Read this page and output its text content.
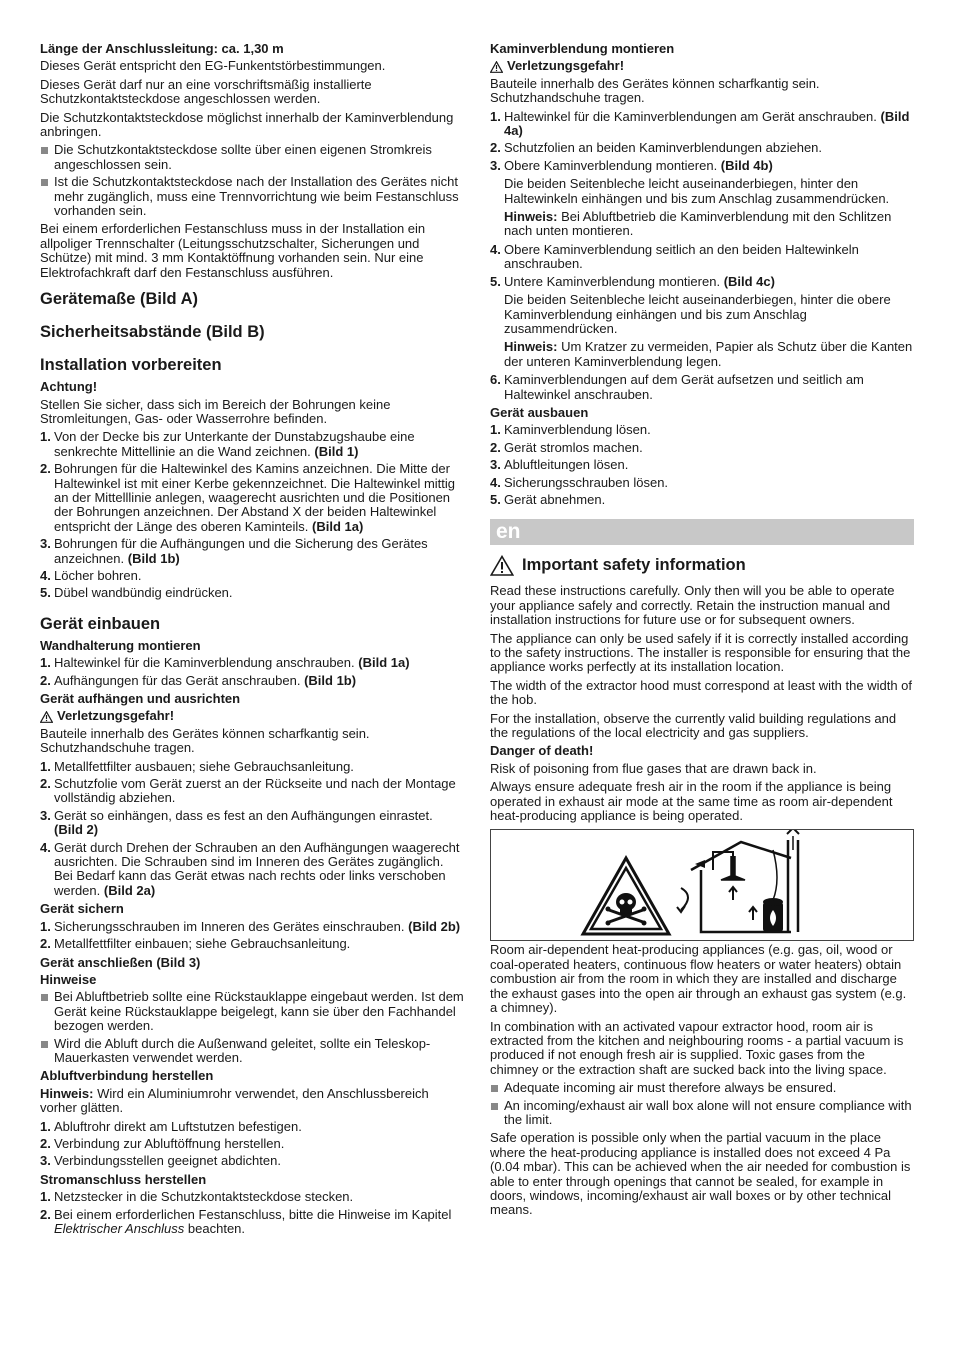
Länge der Anschlussleitung: ca. 1,30 m

Dieses Gerät entspricht den EG-Funkentstörbestimmungen.

Dieses Gerät darf nur an eine vorschriftsmäßig installierte Schutzkontaktsteckdose angeschlossen werden.

Die Schutzkontaktsteckdose möglichst innerhalb der Kaminverblendung anbringen.

Die Schutzkontaktsteckdose sollte über einen eigenen Stromkreis angeschlossen sein.
Ist die Schutzkontaktsteckdose nach der Installation des Gerätes nicht mehr zugänglich, muss eine Trennvorrichtung wie beim Festanschluss vorhanden sein.

Bei einem erforderlichen Festanschluss muss in der Installation ein allpoliger Trennschalter (Leitungsschutzschalter, Sicherungen und Schütze) mit mind. 3 mm Kontaktöffnung vorhanden sein. Nur eine Elektrofachkraft darf den Festanschluss ausführen.

Gerätemaße (Bild A)
Sicherheitsabstände (Bild B)
Installation vorbereiten

Achtung!

Stellen Sie sicher, dass sich im Bereich der Bohrungen keine Stromleitungen, Gas- oder Wasserrohre befinden.

1. Von der Decke bis zur Unterkante der Dunstabzugshaube eine senkrechte Mittellinie an die Wand zeichnen. (Bild 1)
2. Bohrungen für die Haltewinkel des Kamins anzeichnen. Die Mitte der Haltewinkel ist mit einer Kerbe gekennzeichnet. Die Haltewinkel mittig an der Mittelllinie anlegen, waagerecht ausrichten und die Positionen der Bohrungen anzeichnen. Der Abstand X der beiden Haltewinkel entspricht der Länge des oberen Kaminteils. (Bild 1a)
3. Bohrungen für die Aufhängungen und die Sicherung des Gerätes anzeichnen. (Bild 1b)
4. Löcher bohren.
5. Dübel wandbündig eindrücken.
Gerät einbauen

Wandhalterung montieren

1. Haltewinkel für die Kaminverblendung anschrauben. (Bild 1a)
2. Aufhängungen für das Gerät anschrauben. (Bild 1b)

Gerät aufhängen und ausrichten

Verletzungsgefahr!

Bauteile innerhalb des Gerätes können scharfkantig sein. Schutzhandschuhe tragen.

1. Metallfettfilter ausbauen; siehe Gebrauchsanleitung.
2. Schutzfolie vom Gerät zuerst an der Rückseite und nach der Montage vollständig abziehen.
3. Gerät so einhängen, dass es fest an den Aufhängungen einrastet. (Bild 2)
4. Gerät durch Drehen der Schrauben an den Aufhängungen waagerecht ausrichten. Die Schrauben sind im Inneren des Gerätes zugänglich. Bei Bedarf kann das Gerät etwas nach rechts oder links verschoben werden. (Bild 2a)

Gerät sichern

1. Sicherungsschrauben im Inneren des Gerätes einschrauben. (Bild 2b)
2. Metallfettfilter einbauen; siehe Gebrauchsanleitung.

Gerät anschließen (Bild 3)

Hinweise

Bei Abluftbetrieb sollte eine Rückstauklappe eingebaut werden. Ist dem Gerät keine Rückstauklappe beigelegt, kann sie über den Fachhandel bezogen werden.
Wird die Abluft durch die Außenwand geleitet, sollte ein Teleskop-Mauerkasten verwendet werden.

Abluftverbindung herstellen

Hinweis: Wird ein Aluminiumrohr verwendet, den Anschlussbereich vorher glätten.

1. Abluftrohr direkt am Luftstutzen befestigen.
2. Verbindung zur Abluftöffnung herstellen.
3. Verbindungsstellen geeignet abdichten.

Stromanschluss herstellen

1. Netzstecker in die Schutzkontaktsteckdose stecken.
2. Bei einem erforderlichen Festanschluss, bitte die Hinweise im Kapitel Elektrischer Anschluss beachten.

Kaminverblendung montieren

Verletzungsgefahr!

Bauteile innerhalb des Gerätes können scharfkantig sein. Schutzhandschuhe tragen.

1. Haltewinkel für die Kaminverblendungen am Gerät anschrauben. (Bild 4a)
2. Schutzfolien an beiden Kaminverblendungen abziehen.
3. Obere Kaminverblendung montieren. (Bild 4b)
Die beiden Seitenbleche leicht auseinanderbiegen, hinter den Haltewinkeln einhängen und bis zum Anschlag zusammendrücken.
Hinweis: Bei Abluftbetrieb die Kaminverblendung mit den Schlitzen nach unten montieren.
4. Obere Kaminverblendung seitlich an den beiden Haltewinkeln anschrauben.
5. Untere Kaminverblendung montieren. (Bild 4c)
Die beiden Seitenbleche leicht auseinanderbiegen, hinter die obere Kaminverblendung einhängen und bis zum Anschlag zusammendrücken.
Hinweis: Um Kratzer zu vermeiden, Papier als Schutz über die Kanten der unteren Kaminverblendung legen.
6. Kaminverblendungen auf dem Gerät aufsetzen und seitlich am Haltewinkel anschrauben.

Gerät ausbauen

1. Kaminverblendung lösen.
2. Gerät stromlos machen.
3. Abluftleitungen lösen.
4. Sicherungsschrauben lösen.
5. Gerät abnehmen.
en
Important safety information

Read these instructions carefully. Only then will you be able to operate your appliance safely and correctly. Retain the instruction manual and installation instructions for future use or for subsequent owners.

The appliance can only be used safely if it is correctly installed according to the safety instructions. The installer is responsible for ensuring that the appliance works perfectly at its installation location.

The width of the extractor hood must correspond at least with the width of the hob.

For the installation, observe the currently valid building regulations and the regulations of the local electricity and gas suppliers.

Danger of death!

Risk of poisoning from flue gases that are drawn back in.

Always ensure adequate fresh air in the room if the appliance is being operated in exhaust air mode at the same time as room air-dependent heat-producing appliance is being operated.

Room air-dependent heat-producing appliances (e.g. gas, oil, wood or coal-operated heaters, continuous flow heaters or water heaters) obtain combustion air from the room in which they are installed and discharge the exhaust gases into the open air through an exhaust gas system (e.g. a chimney).

In combination with an activated vapour extractor hood, room air is extracted from the kitchen and neighbouring rooms - a partial vacuum is produced if not enough fresh air is supplied. Toxic gases from the chimney or the extraction shaft are sucked back into the living space.

Adequate incoming air must therefore always be ensured.
An incoming/exhaust air wall box alone will not ensure compliance with the limit.

Safe operation is possible only when the partial vacuum in the place where the heat-producing appliance is installed does not exceed 4 Pa (0.04 mbar). This can be achieved when the air needed for combustion is able to enter through openings that cannot be sealed, for example in doors, windows, incoming/exhaust air wall boxes or by other technical means.
